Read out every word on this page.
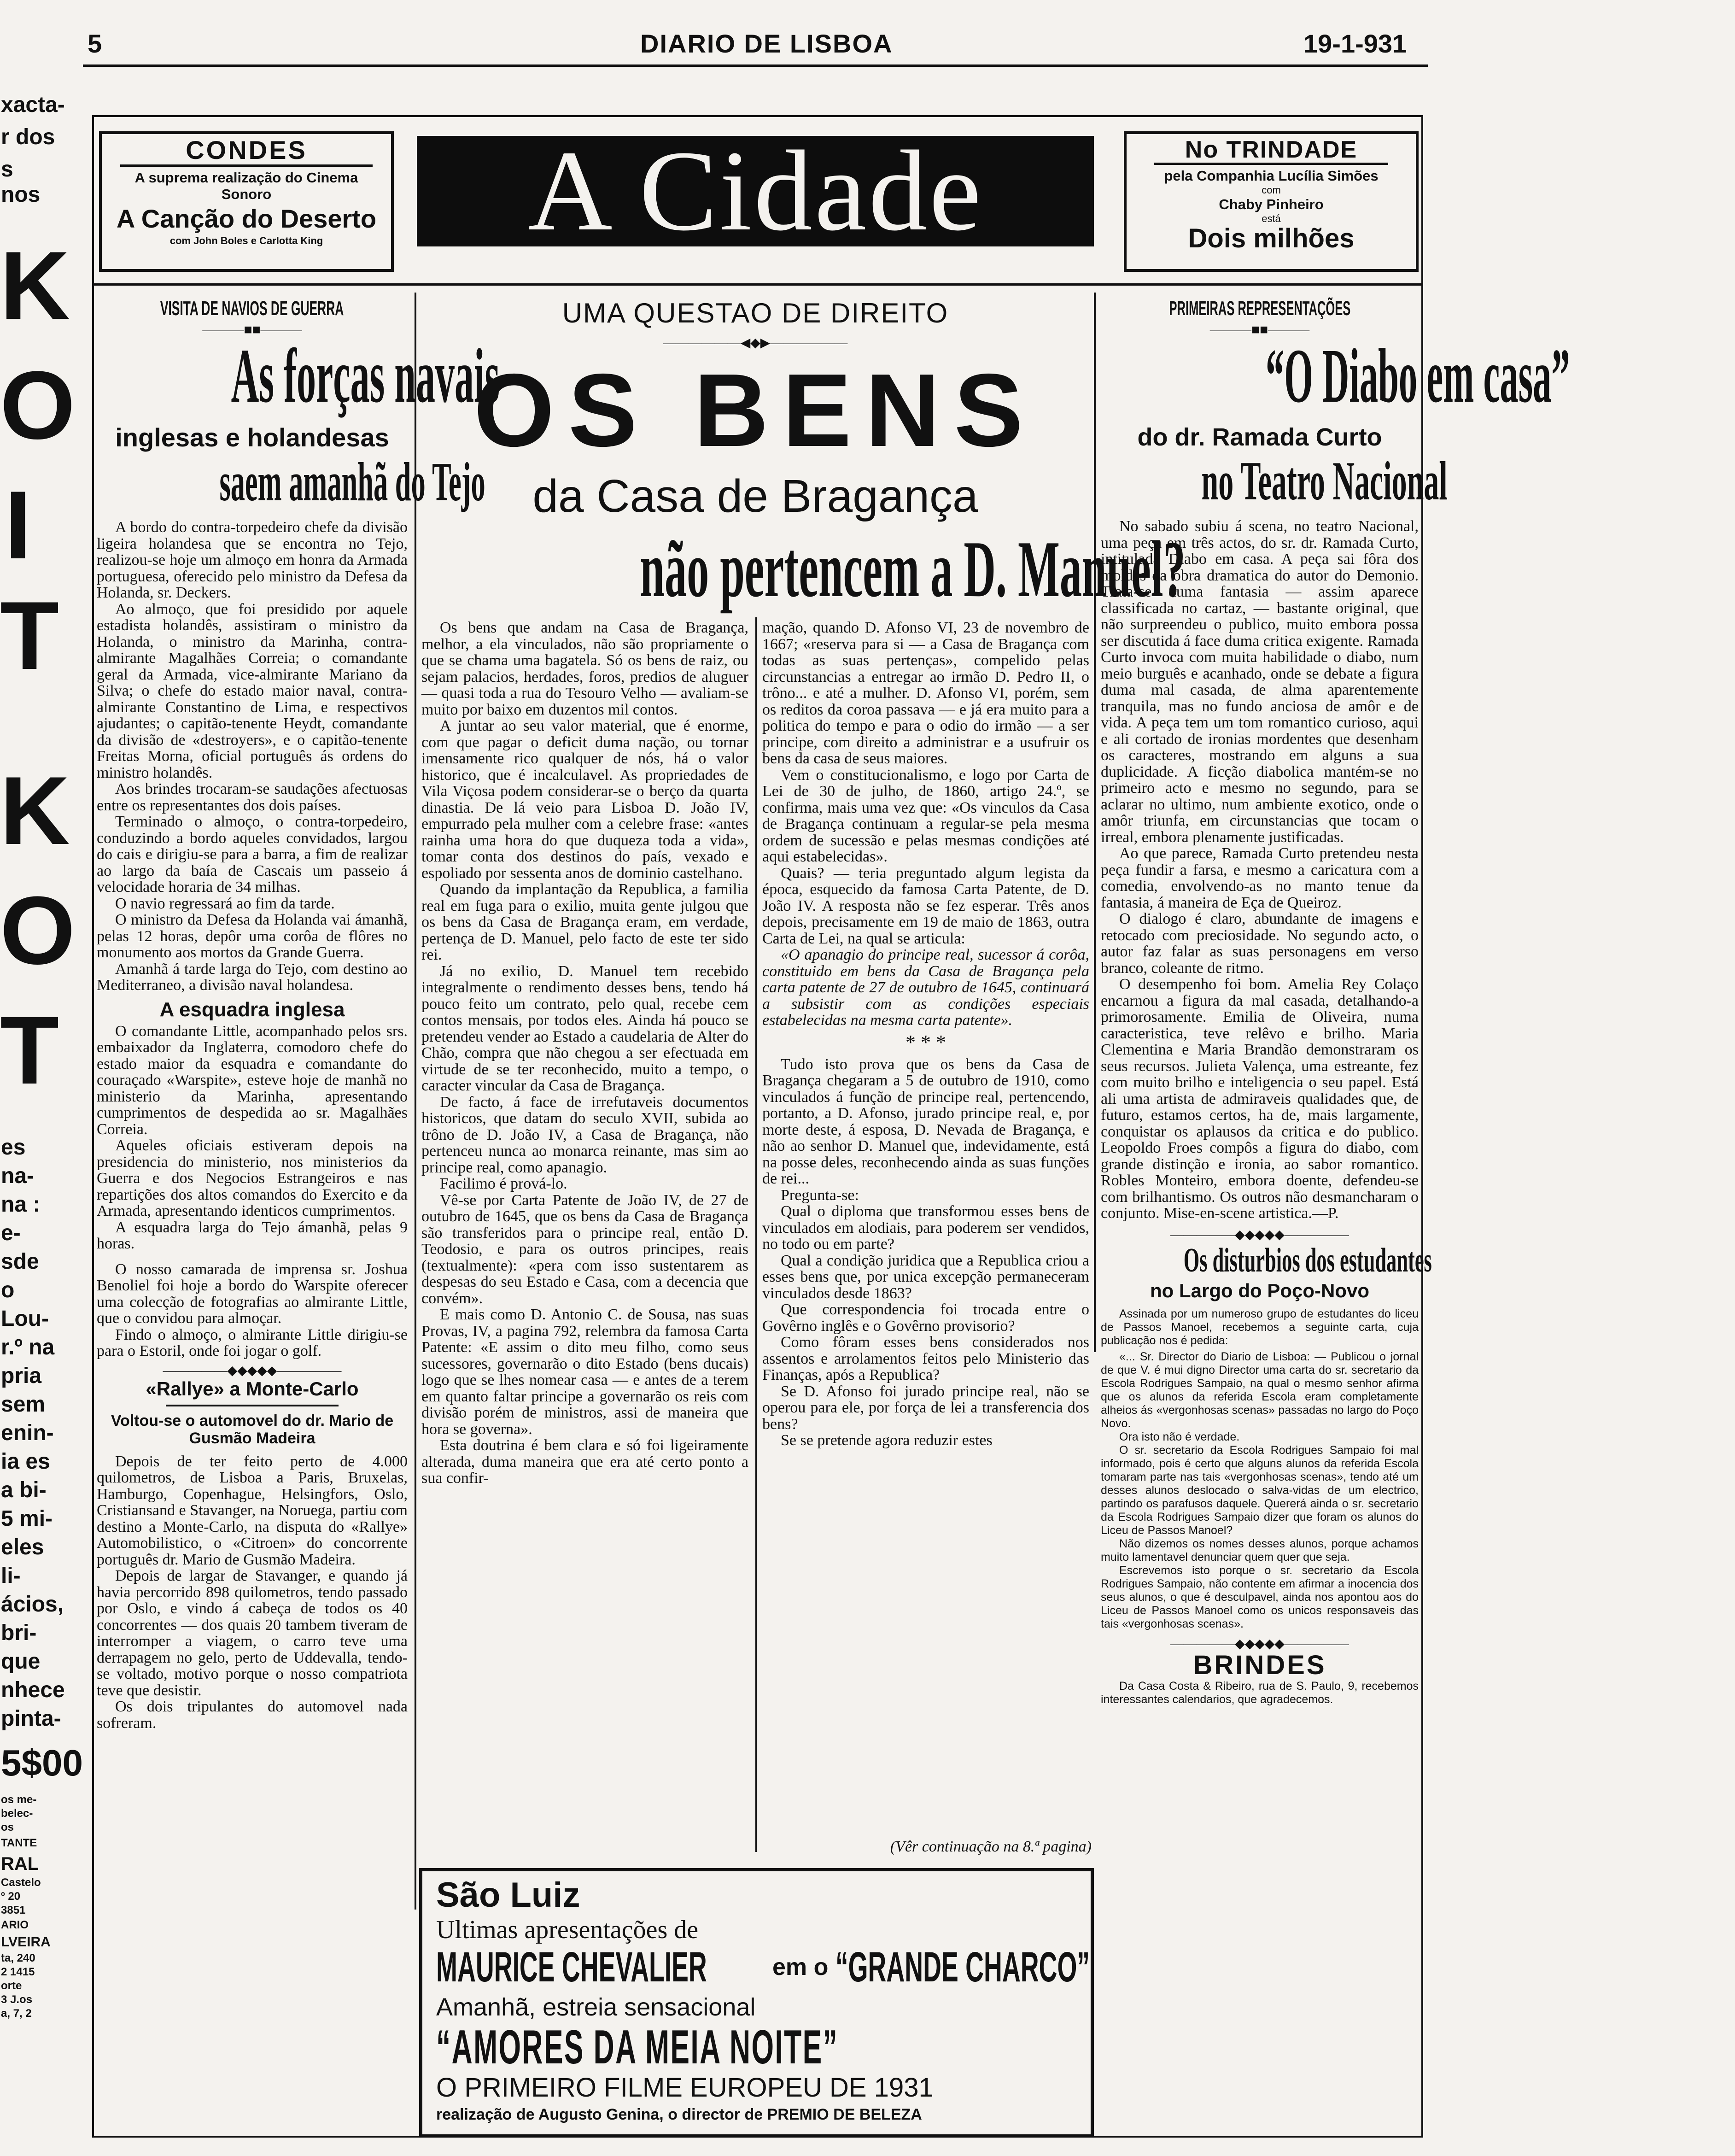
5	DIARIO DE LISBOA	19-1-931
xacta-
r dos
s nos
K
O
I
T
K
O
T
es na-
na : e-
sde o
Lou-
r.º na
pria
sem
enin-
ia es
a bi-
5 mi-
eles li-
ácios,
bri-
que
nhece
pinta-
5$00
os me-
belec-
os
TANTE
RAL
Castelo
º 20
3851
ARIO
LVEIRA
ta, 240
2 1415
orte
3 J.os
a, 7, 2
CONDES
A suprema realização do Cinema
Sonoro
A Canção do Deserto
com John Boles e Carlotta King	A Cidade	No TRINDADE
pela Companhia Lucília Simões
com
Chaby Pinheiro
está
Dois milhões
VISITA DE NAVIOS DE GUERRA
———■■———
As forças navais
inglesas e holandesas
saem amanhã do Tejo

A bordo do contra-torpedeiro chefe da divisão ligeira holandesa que se encontra no Tejo, realizou-se hoje um almoço em honra da Armada portuguesa, oferecido pelo ministro da Defesa da Holanda, sr. Deckers.

Ao almoço, que foi presidido por aquele estadista holandês, assistiram o ministro da Holanda, o ministro da Marinha, contra-almirante Magalhães Correia; o comandante geral da Armada, vice-almirante Mariano da Silva; o chefe do estado maior naval, contra-almirante Constantino de Lima, e respectivos ajudantes; o capitão-tenente Heydt, comandante da divisão de «destroyers», e o capitão-tenente Freitas Morna, oficial português ás ordens do ministro holandês.

Aos brindes trocaram-se saudações afectuosas entre os representantes dos dois países.

Terminado o almoço, o contra-torpedeiro, conduzindo a bordo aqueles convidados, largou do cais e dirigiu-se para a barra, a fim de realizar ao largo da baía de Cascais um passeio á velocidade horaria de 34 milhas.

O navio regressará ao fim da tarde.

O ministro da Defesa da Holanda vai ámanhã, pelas 12 horas, depôr uma corôa de flôres no monumento aos mortos da Grande Guerra.

Amanhã á tarde larga do Tejo, com destino ao Mediterraneo, a divisão naval holandesa.

A esquadra inglesa

O comandante Little, acompanhado pelos srs. embaixador da Inglaterra, comodoro chefe do estado maior da esquadra e comandante do couraçado «Warspite», esteve hoje de manhã no ministerio da Marinha, apresentando cumprimentos de despedida ao sr. Magalhães Correia.

Aqueles oficiais estiveram depois na presidencia do ministerio, nos ministerios da Guerra e dos Negocios Estrangeiros e nas repartições dos altos comandos do Exercito e da Armada, apresentando identicos cumprimentos.

A esquadra larga do Tejo ámanhã, pelas 9 horas.

O nosso camarada de imprensa sr. Joshua Benoliel foi hoje a bordo do Warspite oferecer uma colecção de fotografias ao almirante Little, que o convidou para almoçar.

Findo o almoço, o almirante Little dirigiu-se para o Estoril, onde foi jogar o golf.

—————◆◆◆◆◆—————
«Rallye» a Monte-Carlo
Voltou-se o automovel do dr. Mario de Gusmão Madeira

Depois de ter feito perto de 4.000 quilometros, de Lisboa a Paris, Bruxelas, Hamburgo, Copenhague, Helsingfors, Oslo, Cristiansand e Stavanger, na Noruega, partiu com destino a Monte-Carlo, na disputa do «Rallye» Automobilistico, o «Citroen» do concorrente português dr. Mario de Gusmão Madeira.

Depois de largar de Stavanger, e quando já havia percorrido 898 quilometros, tendo passado por Oslo, e vindo á cabeça de todos os 40 concorrentes — dos quais 20 tambem tiveram de interromper a viagem, o carro teve uma derrapagem no gelo, perto de Uddevalla, tendo-se voltado, motivo porque o nosso compatriota teve que desistir.

Os dois tripulantes do automovel nada sofreram.

UMA QUESTAO DE DIREITO
——————◀◆▶——————
OS BENS
da Casa de Bragança
não pertencem a D. Manuel?

Os bens que andam na Casa de Bragança, melhor, a ela vinculados, não são propriamente o que se chama uma bagatela. Só os bens de raiz, ou sejam palacios, herdades, foros, predios de aluguer — quasi toda a rua do Tesouro Velho — avaliam-se muito por baixo em duzentos mil contos.

A juntar ao seu valor material, que é enorme, com que pagar o deficit duma nação, ou tornar imensamente rico qualquer de nós, há o valor historico, que é incalculavel. As propriedades de Vila Viçosa podem considerar-se o berço da quarta dinastia. De lá veio para Lisboa D. João IV, empurrado pela mulher com a celebre frase: «antes rainha uma hora do que duqueza toda a vida», tomar conta dos destinos do país, vexado e espoliado por sessenta anos de dominio castelhano.

Quando da implantação da Republica, a familia real em fuga para o exilio, muita gente julgou que os bens da Casa de Bragança eram, em verdade, pertença de D. Manuel, pelo facto de este ter sido rei.

Já no exilio, D. Manuel tem recebido integralmente o rendimento desses bens, tendo há pouco feito um contrato, pelo qual, recebe cem contos mensais, por todos eles. Ainda há pouco se pretendeu vender ao Estado a caudelaria de Alter do Chão, compra que não chegou a ser efectuada em virtude de se ter reconhecido, muito a tempo, o caracter vincular da Casa de Bragança.

De facto, á face de irrefutaveis documentos historicos, que datam do seculo XVII, subida ao trôno de D. João IV, a Casa de Bragança, não pertenceu nunca ao monarca reinante, mas sim ao principe real, como apanagio.

Facilimo é prová-lo.

Vê-se por Carta Patente de João IV, de 27 de outubro de 1645, que os bens da Casa de Bragança são transferidos para o principe real, então D. Teodosio, e para os outros principes, reais (textualmente): «pera com isso sustentarem as despesas do seu Estado e Casa, com a decencia que convém».

E mais como D. Antonio C. de Sousa, nas suas Provas, IV, a pagina 792, relembra da famosa Carta Patente: «E assim o dito meu filho, como seus sucessores, governarão o dito Estado (bens ducais) logo que se lhes nomear casa — e antes de a terem em quanto faltar principe a governarão os reis com divisão porém de ministros, assi de maneira que hora se governa».

Esta doutrina é bem clara e só foi ligeiramente alterada, duma maneira que era até certo ponto a sua confir-

mação, quando D. Afonso VI, 23 de novembro de 1667; «reserva para si — a Casa de Bragança com todas as suas pertenças», compelido pelas circunstancias a entregar ao irmão D. Pedro II, o trôno... e até a mulher. D. Afonso VI, porém, sem os reditos da coroa passava — e já era muito para a politica do tempo e para o odio do irmão — a ser principe, com direito a administrar e a usufruir os bens da casa de seus maiores.

Vem o constitucionalismo, e logo por Carta de Lei de 30 de julho, de 1860, artigo 24.º, se confirma, mais uma vez que: «Os vinculos da Casa de Bragança continuam a regular-se pela mesma ordem de sucessão e pelas mesmas condições até aqui estabelecidas».

Quais? — teria preguntado algum legista da época, esquecido da famosa Carta Patente, de D. João IV. A resposta não se fez esperar. Três anos depois, precisamente em 19 de maio de 1863, outra Carta de Lei, na qual se articula:

«O apanagio do principe real, sucessor á corôa, constituido em bens da Casa de Bragança pela carta patente de 27 de outubro de 1645, continuará a subsistir com as condições especiais estabelecidas na mesma carta patente».

* * *

Tudo isto prova que os bens da Casa de Bragança chegaram a 5 de outubro de 1910, como vinculados á função de principe real, pertencendo, portanto, a D. Afonso, jurado principe real, e, por morte deste, á esposa, D. Nevada de Bragança, e não ao senhor D. Manuel que, indevidamente, está na posse deles, reconhecendo ainda as suas funções de rei...

Pregunta-se:

Qual o diploma que transformou esses bens de vinculados em alodiais, para poderem ser vendidos, no todo ou em parte?

Qual a condição juridica que a Republica criou a esses bens que, por unica excepção permaneceram vinculados desde 1863?

Que correspondencia foi trocada entre o Govêrno inglês e o Govêrno provisorio?

Como fôram esses bens considerados nos assentos e arrolamentos feitos pelo Ministerio das Finanças, após a Republica?

Se D. Afonso foi jurado principe real, não se operou para ele, por força de lei a transferencia dos bens?

Se se pretende agora reduzir estes

(Vêr continuação na 8.ª pagina)
São Luiz
Ultimas apresentações de
MAURICE CHEVALIER	em o “GRANDE CHARCO”
Amanhã, estreia sensacional
“AMORES DA MEIA NOITE”
O PRIMEIRO FILME EUROPEU DE 1931
realização de Augusto Genina, o director de PREMIO DE BELEZA
PRIMEIRAS REPRESENTAÇÕES
———■■———
“O Diabo em casa”
do dr. Ramada Curto
no Teatro Nacional

No sabado subiu á scena, no teatro Nacional, uma peça em três actos, do sr. dr. Ramada Curto, intitulada Diabo em casa. A peça sai fôra dos moldes da obra dramatica do autor do Demonio. Trata-se duma fantasia — assim aparece classificada no cartaz, — bastante original, que não surpreendeu o publico, muito embora possa ser discutida á face duma critica exigente. Ramada Curto invoca com muita habilidade o diabo, num meio burguês e acanhado, onde se debate a figura duma mal casada, de alma aparentemente tranquila, mas no fundo anciosa de amôr e de vida. A peça tem um tom romantico curioso, aqui e ali cortado de ironias mordentes que desenham os caracteres, mostrando em alguns a sua duplicidade. A ficção diabolica mantém-se no primeiro acto e mesmo no segundo, para se aclarar no ultimo, num ambiente exotico, onde o amôr triunfa, em circunstancias que tocam o irreal, embora plenamente justificadas.

Ao que parece, Ramada Curto pretendeu nesta peça fundir a farsa, e mesmo a caricatura com a comedia, envolvendo-as no manto tenue da fantasia, á maneira de Eça de Queiroz.

O dialogo é claro, abundante de imagens e retocado com preciosidade. No segundo acto, o autor faz falar as suas personagens em verso branco, coleante de ritmo.

O desempenho foi bom. Amelia Rey Colaço encarnou a figura da mal casada, detalhando-a primorosamente. Emilia de Oliveira, numa caracteristica, teve relêvo e brilho. Maria Clementina e Maria Brandão demonstraram os seus recursos. Julieta Valença, uma estreante, fez com muito brilho e inteligencia o seu papel. Está ali uma artista de admiraveis qualidades que, de futuro, estamos certos, ha de, mais largamente, conquistar os aplausos da critica e do publico. Leopoldo Froes compôs a figura do diabo, com grande distinção e ironia, ao sabor romantico. Robles Monteiro, embora doente, defendeu-se com brilhantismo. Os outros não desmancharam o conjunto. Mise-en-scene artistica.—P.

—————◆◆◆◆◆—————
Os disturbios dos estudantes
no Largo do Poço-Novo

Assinada por um numeroso grupo de estudantes do liceu de Passos Manoel, recebemos a seguinte carta, cuja publicação nos é pedida:

«... Sr. Director do Diario de Lisboa: — Publicou o jornal de que V. é mui digno Director uma carta do sr. secretario da Escola Rodrigues Sampaio, na qual o mesmo senhor afirma que os alunos da referida Escola eram completamente alheios ás «vergonhosas scenas» passadas no largo do Poço Novo.

Ora isto não é verdade.

O sr. secretario da Escola Rodrigues Sampaio foi mal informado, pois é certo que alguns alunos da referida Escola tomaram parte nas tais «vergonhosas scenas», tendo até um desses alunos deslocado o salva-vidas de um electrico, partindo os parafusos daquele. Quererá ainda o sr. secretario da Escola Rodrigues Sampaio dizer que foram os alunos do Liceu de Passos Manoel?

Não dizemos os nomes desses alunos, porque achamos muito lamentavel denunciar quem quer que seja.

Escrevemos isto porque o sr. secretario da Escola Rodrigues Sampaio, não contente em afirmar a inocencia dos seus alunos, o que é desculpavel, ainda nos apontou aos do Liceu de Passos Manoel como os unicos responsaveis das tais «vergonhosas scenas».

—————◆◆◆◆◆—————
BRINDES
Da Casa Costa & Ribeiro, rua de S. Paulo, 9, recebemos interessantes calendarios, que agradecemos.
